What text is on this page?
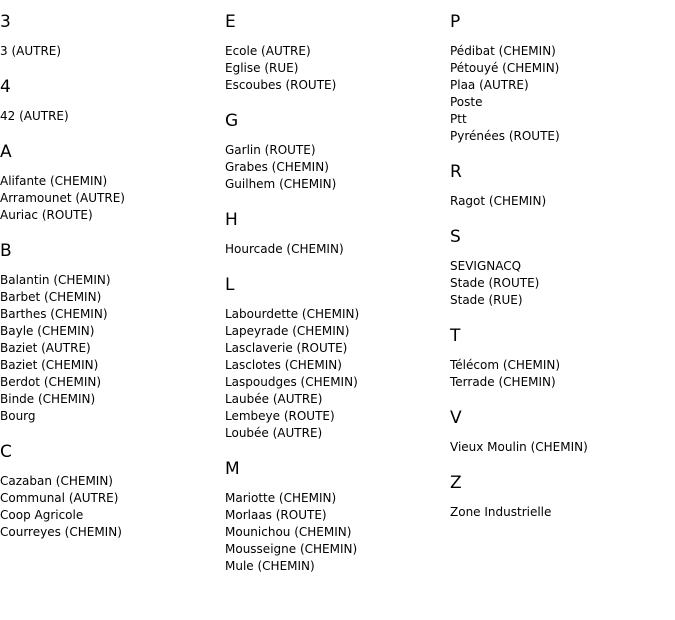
3
3 (AUTRE)
4
42 (AUTRE)
A
Alifante (CHEMIN)
Arramounet (AUTRE)
Auriac (ROUTE)
B
Balantin (CHEMIN)
Barbet (CHEMIN)
Barthes (CHEMIN)
Bayle (CHEMIN)
Baziet (AUTRE)
Baziet (CHEMIN)
Berdot (CHEMIN)
Binde (CHEMIN)
Bourg
C
Cazaban (CHEMIN)
Communal (AUTRE)
Coop Agricole
Courreyes (CHEMIN)
E
Ecole (AUTRE)
Eglise (RUE)
Escoubes (ROUTE)
G
Garlin (ROUTE)
Grabes (CHEMIN)
Guilhem (CHEMIN)
H
Hourcade (CHEMIN)
L
Labourdette (CHEMIN)
Lapeyrade (CHEMIN)
Lasclaverie (ROUTE)
Lasclotes (CHEMIN)
Laspoudges (CHEMIN)
Laubée (AUTRE)
Lembeye (ROUTE)
Loubée (AUTRE)
M
Mariotte (CHEMIN)
Morlaas (ROUTE)
Mounichou (CHEMIN)
Mousseigne (CHEMIN)
Mule (CHEMIN)
P
Pédibat (CHEMIN)
Pétouyé (CHEMIN)
Plaa (AUTRE)
Poste
Ptt
Pyrénées (ROUTE)
R
Ragot (CHEMIN)
S
SEVIGNACQ
Stade (ROUTE)
Stade (RUE)
T
Télécom (CHEMIN)
Terrade (CHEMIN)
V
Vieux Moulin (CHEMIN)
Z
Zone Industrielle
